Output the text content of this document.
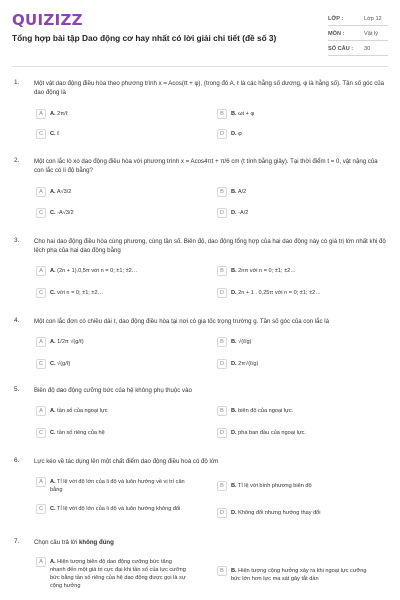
QUIZIZZ
Tổng hợp bài tập Dao động cơ hay nhất có lời giải chi tiết (đề số 3)
LỚP :	Lớp 12
MÔN :	Vật lý
SỐ CÂU : 30
1. Một vật dao động điều hòa theo phương trình x = Acos(ℓt + φ), (trong đó A, ℓ là các hằng số dương, φ là hằng số). Tần số góc của dao động là
A	A. 2π/ℓ	B	B. ωt + φ
C	C. ℓ	D	D. φ
2. Một con lắc lò xo dao động điều hòa với phương trình x = Acos4πt + π/6 cm (t tính bằng giây). Tại thời điểm t = 0, vật nặng của con lắc có li độ bằng?
A	A. A√3/2	B	B. A/2
C	C. -A√3/2	D	D. -A/2
3. Cho hai dao động điều hòa cùng phương, cùng tần số. Biên độ, dao động tổng hợp của hai dao động này có giá trị lớn nhất khi độ lệch pha của hai dao động bằng
A	A. (2n + 1).0,5π với n = 0; ±1; ±2…	B	B. 2nπ với n = 0; ±1; ±2…
C	C. với n = 0; ±1; ±2…	D	D. 2n + 1 . 0,25π với n = 0; ±1; ±2…
4. Một con lắc đơn có chiều dài ℓ, dao động điều hòa tại nơi có gia tốc trọng trường g. Tần số góc của con lắc là
A	A. 1/2π √(g/ℓ)	B	B. √(ℓ/g)
C	C. √(g/ℓ)	D	D. 2π√(ℓ/g)
5. Biên độ dao động cưỡng bức của hệ không phụ thuộc vào
A	A. tần số của ngoại lực	B	B. biên độ của ngoại lực.
C	C. tần số riêng của hệ	D	D. pha ban đầu của ngoại lực.
6. Lực kéo về tác dụng lên một chất điểm dao động điều hoà có độ lớn
A	A. Tỉ lệ với độ lớn của li độ và luôn hướng về vị trí cân bằng
B	B. Tỉ lệ với bình phương biên độ
C	C. Tỉ lệ với độ lớn của li độ và luôn hướng không đổi
D	D. Không đổi nhưng hướng thay đổi
7. Chọn câu trả lời không đúng
A	A. Hiện tượng biên độ dao động cưỡng bức tăng nhanh đến một giá trị cực đại khi tần số của lực cưỡng bức bằng tần số riêng của hệ dao động được gọi là sự cộng hưởng
B	B. Hiện tượng cộng hưởng xảy ra khi ngoại lực cưỡng bức lớn hơn lực ma sát gây tắt dần
